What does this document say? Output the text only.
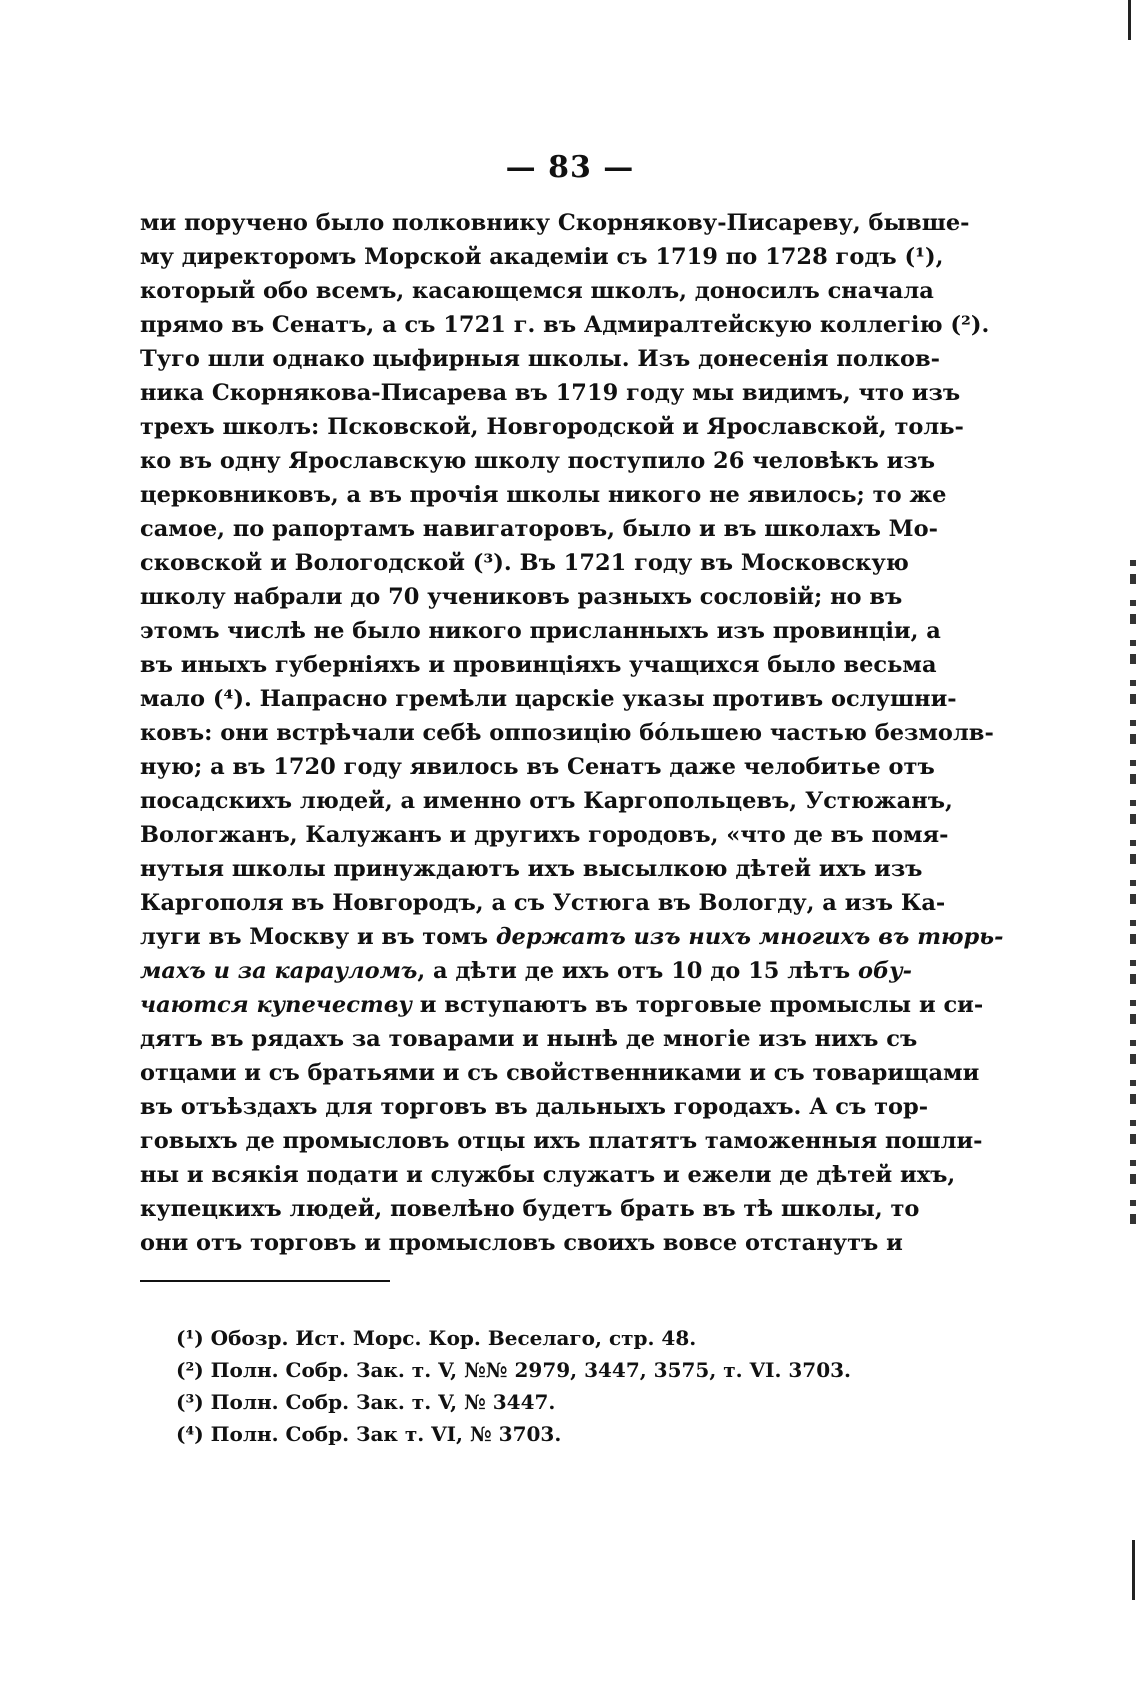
— 83 —
ми поручено было полковнику Скорнякову-Писареву, бывше-
му директоромъ Морской академіи съ 1719 по 1728 годъ (¹),
который обо всемъ, касающемся школъ, доносилъ сначала
прямо въ Сенатъ, а съ 1721 г. въ Адмиралтейскую коллегію (²).
Туго шли однако цыфирныя школы. Изъ донесенія полков-
ника Скорнякова-Писарева въ 1719 году мы видимъ, что изъ
трехъ школъ: Псковской, Новгородской и Ярославской, толь-
ко въ одну Ярославскую школу поступило 26 человѣкъ изъ
церковниковъ, а въ прочія школы никого не явилось; то же
самое, по рапортамъ навигаторовъ, было и въ школахъ Мо-
сковской и Вологодской (³). Въ 1721 году въ Московскую
школу набрали до 70 учениковъ разныхъ сословій; но въ
этомъ числѣ не было никого присланныхъ изъ провинціи, а
въ иныхъ губерніяхъ и провинціяхъ учащихся было весьма
мало (⁴). Напрасно гремѣли царскіе указы противъ ослушни-
ковъ: они встрѣчали себѣ оппозицію бóльшею частью безмолв-
ную; а въ 1720 году явилось въ Сенатъ даже челобитье отъ
посадскихъ людей, а именно отъ Каргопольцевъ, Устюжанъ,
Вологжанъ, Калужанъ и другихъ городовъ, «что де въ помя-
нутыя школы принуждаютъ ихъ высылкою дѣтей ихъ изъ
Каргополя въ Новгородъ, а съ Устюга въ Вологду, а изъ Ка-
луги въ Москву и въ томъ держатъ изъ нихъ многихъ въ тюрь-
махъ и за карауломъ, а дѣти де ихъ отъ 10 до 15 лѣтъ обу-
чаются купечеству и вступаютъ въ торговые промыслы и си-
дятъ въ рядахъ за товарами и нынѣ де многіе изъ нихъ съ
отцами и съ братьями и съ свойственниками и съ товарищами
въ отъѣздахъ для торговъ въ дальныхъ городахъ. А съ тор-
говыхъ де промысловъ отцы ихъ платятъ таможенныя пошли-
ны и всякія подати и службы служатъ и ежели де дѣтей ихъ,
купецкихъ людей, повелѣно будетъ брать въ тѣ школы, то
они отъ торговъ и промысловъ своихъ вовсе отстанутъ и
(¹) Обозр. Ист. Морс. Кор. Веселаго, стр. 48.
(²) Полн. Собр. Зак. т. V, №№ 2979, 3447, 3575, т. VI. 3703.
(³) Полн. Собр. Зак. т. V, № 3447.
(⁴) Полн. Собр. Зак т. VI, № 3703.
